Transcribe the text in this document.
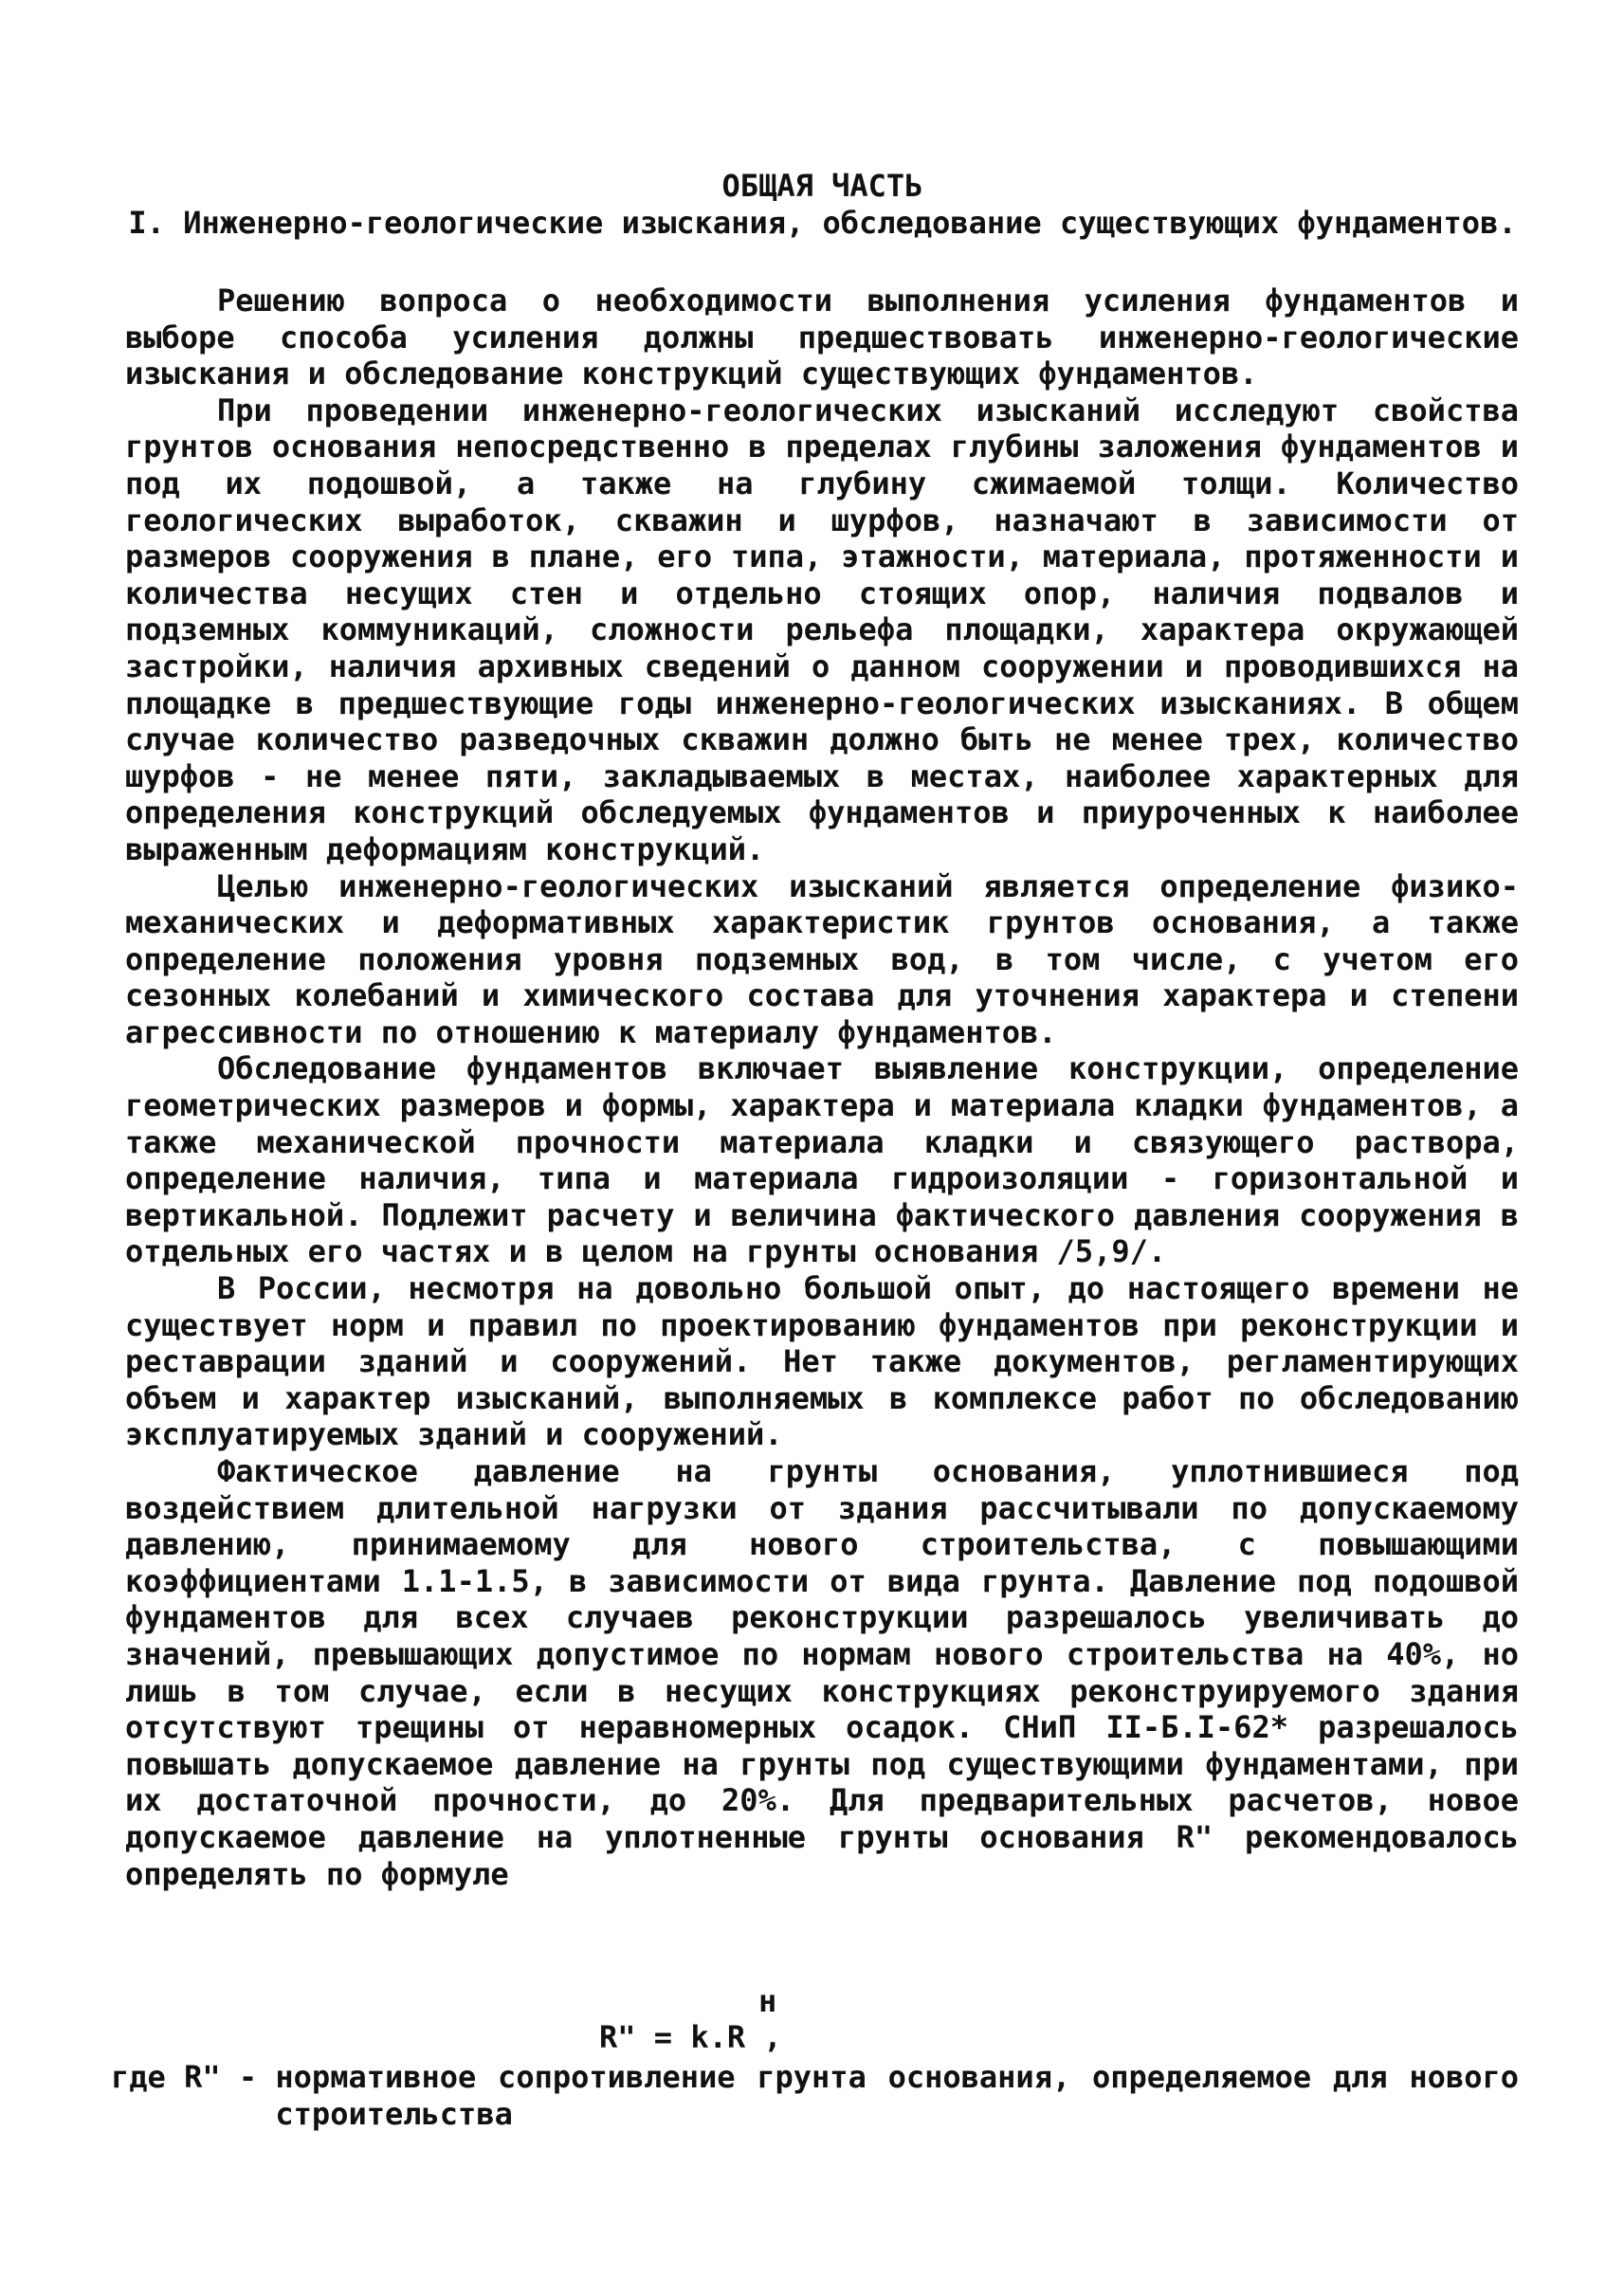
ОБЩАЯ ЧАСТЬ
I. Инженерно-геологические изыскания, обследование существующих фундаментов.

Решению вопроса о необходимости выполнения усиления фундаментов и выборе способа усиления должны предшествовать инженерно-геологические изыскания и обследование конструкций существующих фундаментов.

При проведении инженерно-геологических изысканий исследуют свойства грунтов основания непосредственно в пределах глубины заложения фундаментов и под их подошвой, а также на глубину сжимаемой толщи. Количество геологических выработок, скважин и шурфов, назначают в зависимости от размеров сооружения в плане, его типа, этажности, материала, протяженности и количества несущих стен и отдельно стоящих опор, наличия подвалов и подземных коммуникаций, сложности рельефа площадки, характера окружающей застройки, наличия архивных сведений о данном сооружении и проводившихся на площадке в предшествующие годы инженерно-геологических изысканиях. В общем случае количество разведочных скважин должно быть не менее трех, количество шурфов - не менее пяти, закладываемых в местах, наиболее характерных для определения конструкций обследуемых фундаментов и приуроченных к наиболее выраженным деформациям конструкций.

Целью инженерно-геологических изысканий является определение физико-механических и деформативных характеристик грунтов основания, а также определение положения уровня подземных вод, в том числе, с учетом его сезонных колебаний и химического состава для уточнения характера и степени агрессивности по отношению к материалу фундаментов.

Обследование фундаментов включает выявление конструкции, определение геометрических размеров и формы, характера и материала кладки фундаментов, а также механической прочности материала кладки и связующего раствора, определение наличия, типа и материала гидроизоляции - горизонтальной и вертикальной. Подлежит расчету и величина фактического давления сооружения в отдельных его частях и в целом на грунты основания /5,9/.

В России, несмотря на довольно большой опыт, до настоящего времени не существует норм и правил по проектированию фундаментов при реконструкции и реставрации зданий и сооружений. Нет также документов, регламентирующих объем и характер изысканий, выполняемых в комплексе работ по обследованию эксплуатируемых зданий и сооружений.

Фактическое давление на грунты основания, уплотнившиеся под воздействием длительной нагрузки от здания рассчитывали по допускаемому давлению, принимаемому для нового строительства, с повышающими коэффициентами 1.1-1.5, в зависимости от вида грунта. Давление под подошвой фундаментов для всех случаев реконструкции разрешалось увеличивать до значений, превышающих допустимое по нормам нового строительства на 40%, но лишь в том случае, если в несущих конструкциях реконструируемого здания отсутствуют трещины от неравномерных осадок. СНиП II-Б.I-62* разрешалось повышать допускаемое давление на грунты под существующими фундаментами, при их достаточной прочности, до 20%. Для предварительных расчетов, новое допускаемое давление на уплотненные грунты основания R" рекомендовалось определять по формуле

н
R" = k.R ,
где R" - нормативное сопротивление грунта основания, определяемое для нового строительства
